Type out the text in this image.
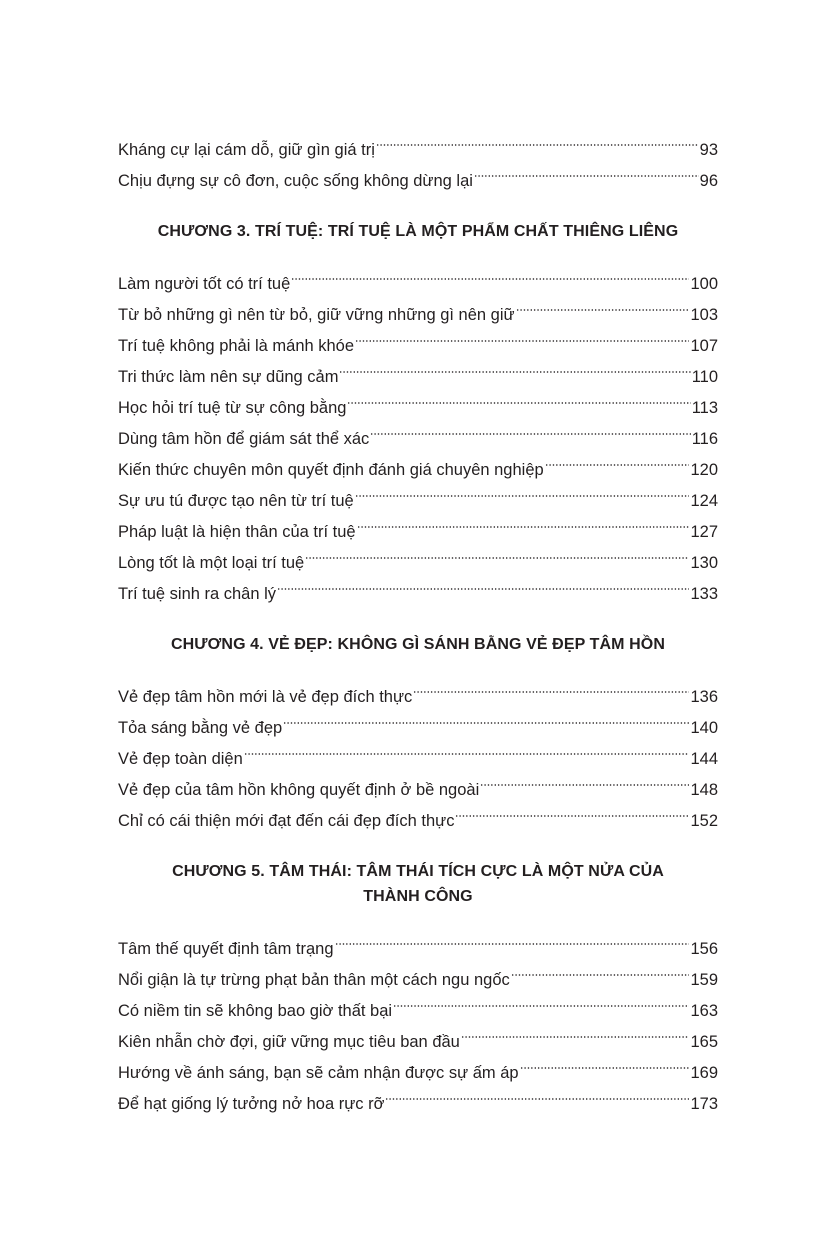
Kháng cự lại cám dỗ, giữ gìn giá trị	93
Chịu đựng sự cô đơn, cuộc sống không dừng lại	96
CHƯƠNG 3. TRÍ TUỆ: TRÍ TUỆ LÀ MỘT PHẨM CHẤT THIÊNG LIÊNG
Làm người tốt có trí tuệ	100
Từ bỏ những gì nên từ bỏ, giữ vững những gì nên giữ	103
Trí tuệ không phải là mánh khóe	107
Tri thức làm nên sự dũng cảm	110
Học hỏi trí tuệ từ sự công bằng	113
Dùng tâm hồn để giám sát thể xác	116
Kiến thức chuyên môn quyết định đánh giá chuyên nghiệp	120
Sự ưu tú được tạo nên từ trí tuệ	124
Pháp luật là hiện thân của trí tuệ	127
Lòng tốt là một loại trí tuệ	130
Trí tuệ sinh ra chân lý	133
CHƯƠNG 4. VẺ ĐẸP: KHÔNG GÌ SÁNH BẰNG VẺ ĐẸP TÂM HỒN
Vẻ đẹp tâm hồn mới là vẻ đẹp đích thực	136
Tỏa sáng bằng vẻ đẹp	140
Vẻ đẹp toàn diện	144
Vẻ đẹp của tâm hồn không quyết định ở bề ngoài	148
Chỉ có cái thiện mới đạt đến cái đẹp đích thực	152
CHƯƠNG 5. TÂM THÁI: TÂM THÁI TÍCH CỰC LÀ MỘT NỬA CỦA
THÀNH CÔNG
Tâm thế quyết định tâm trạng	156
Nổi giận là tự trừng phạt bản thân một cách ngu ngốc	159
Có niềm tin sẽ không bao giờ thất bại	163
Kiên nhẫn chờ đợi, giữ vững mục tiêu ban đầu	165
Hướng về ánh sáng, bạn sẽ cảm nhận được sự ấm áp	169
Để hạt giống lý tưởng nở hoa rực rỡ	173
